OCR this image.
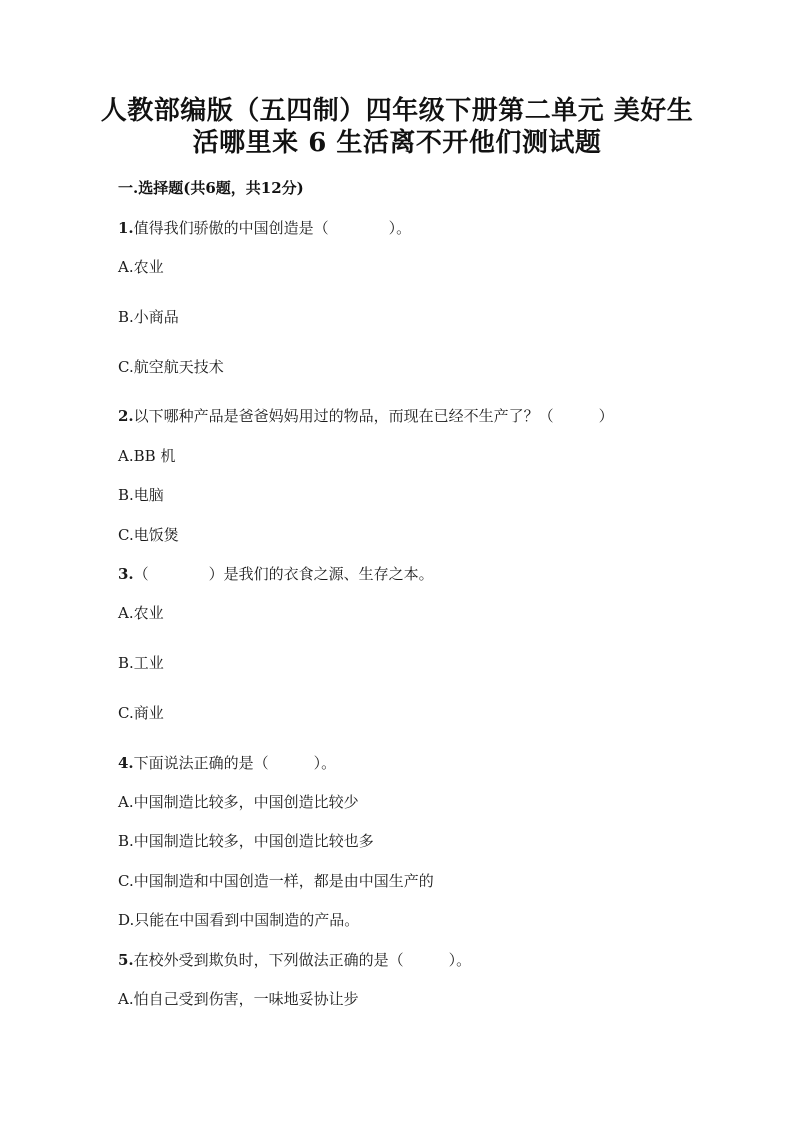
人教部编版（五四制）四年级下册第二单元 美好生
活哪里来 6 生活离不开他们测试题
一.选择题(共6题，共12分)
1.值得我们骄傲的中国创造是（　　　　）。
A.农业
B.小商品
C.航空航天技术
2.以下哪种产品是爸爸妈妈用过的物品，而现在已经不生产了？（　　　）
A.BB 机
B.电脑
C.电饭煲
3.（　　　　）是我们的衣食之源、生存之本。
A.农业
B.工业
C.商业
4.下面说法正确的是（　　　）。
A.中国制造比较多，中国创造比较少
B.中国制造比较多，中国创造比较也多
C.中国制造和中国创造一样，都是由中国生产的
D.只能在中国看到中国制造的产品。
5.在校外受到欺负时，下列做法正确的是（　　　）。
A.怕自己受到伤害，一味地妥协让步
